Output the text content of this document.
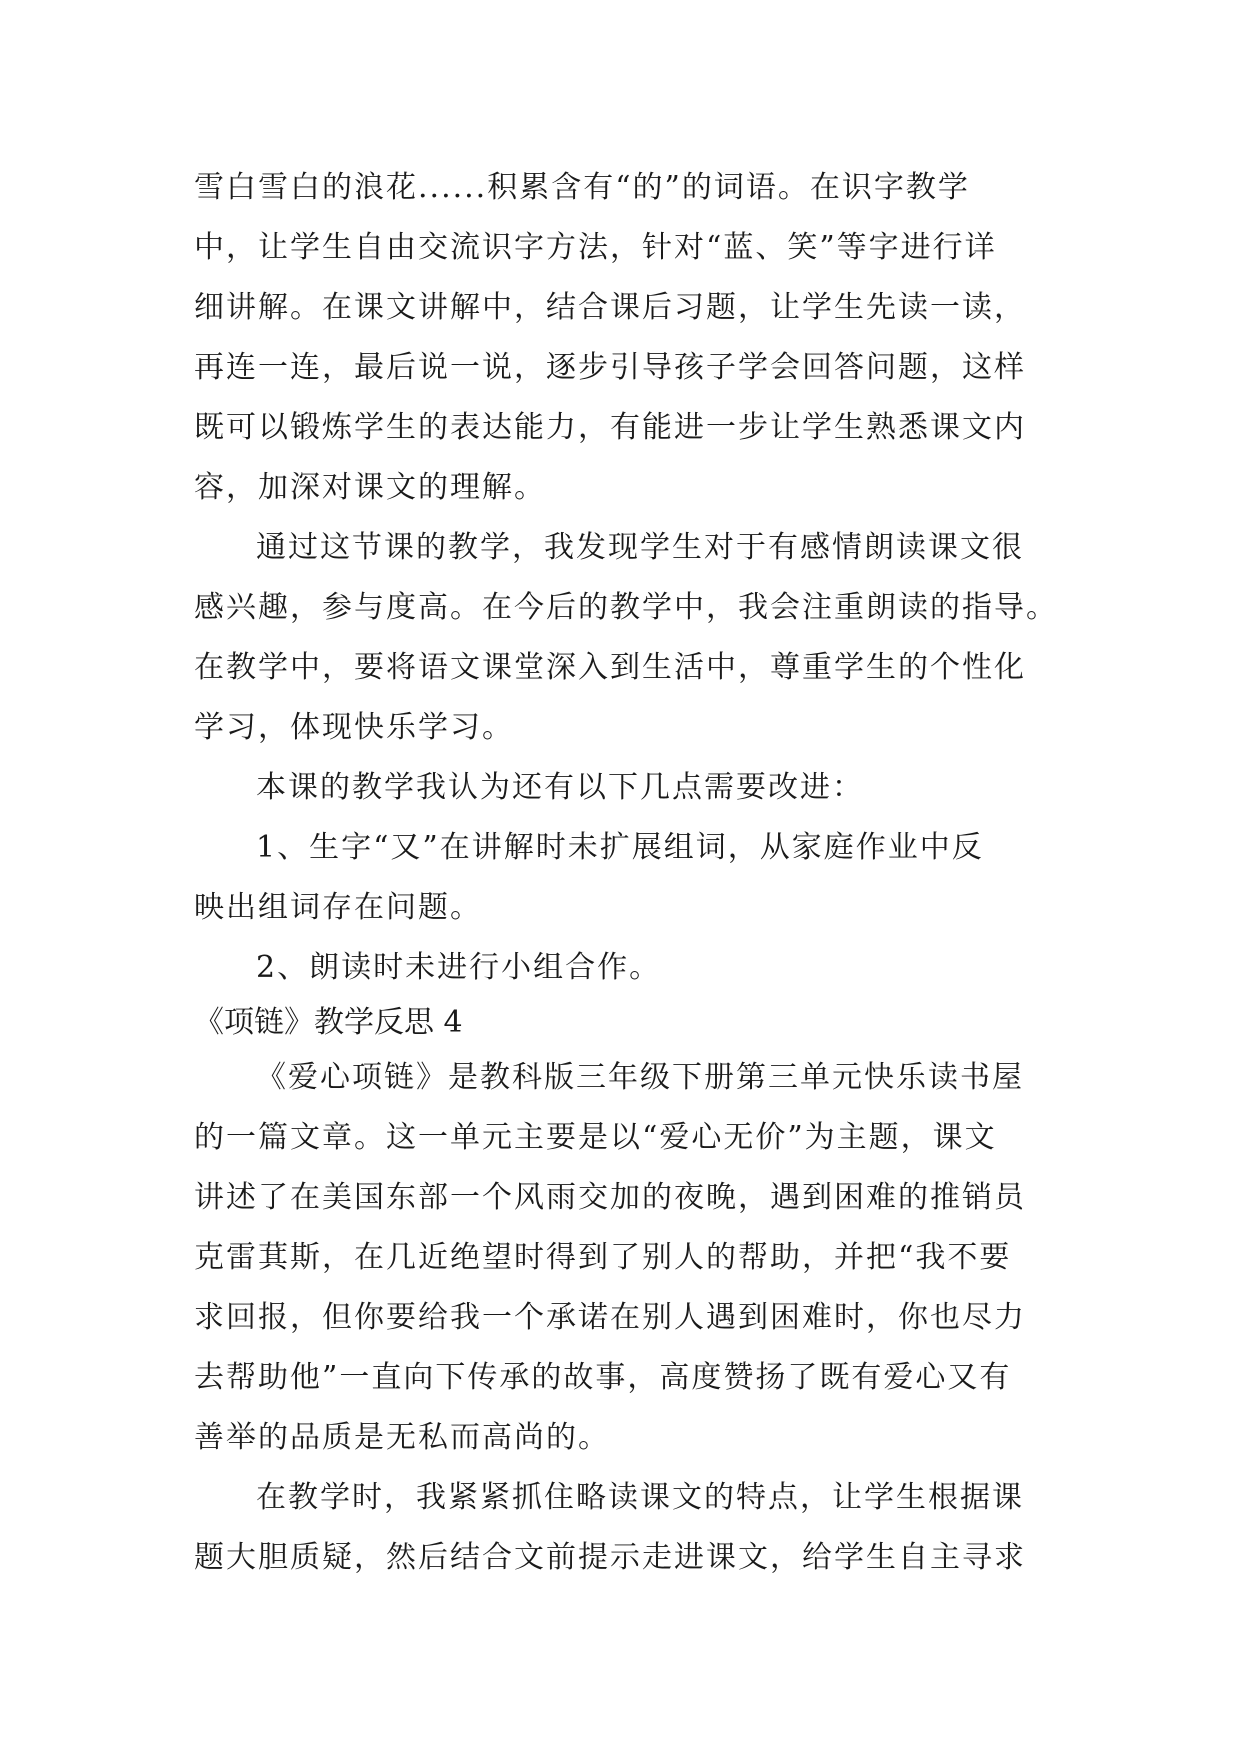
雪白雪白的浪花......积累含有“的”的词语。在识字教学
中，让学生自由交流识字方法，针对“蓝、笑”等字进行详
细讲解。在课文讲解中，结合课后习题，让学生先读一读，
再连一连，最后说一说，逐步引导孩子学会回答问题，这样
既可以锻炼学生的表达能力，有能进一步让学生熟悉课文内
容，加深对课文的理解。
通过这节课的教学，我发现学生对于有感情朗读课文很
感兴趣，参与度高。在今后的教学中，我会注重朗读的指导。
在教学中，要将语文课堂深入到生活中，尊重学生的个性化
学习，体现快乐学习。
本课的教学我认为还有以下几点需要改进：
1、生字“又”在讲解时未扩展组词，从家庭作业中反
映出组词存在问题。
2、朗读时未进行小组合作。
《项链》教学反思 4
《爱心项链》是教科版三年级下册第三单元快乐读书屋
的一篇文章。这一单元主要是以“爱心无价”为主题，课文
讲述了在美国东部一个风雨交加的夜晚，遇到困难的推销员
克雷萁斯，在几近绝望时得到了别人的帮助，并把“我不要
求回报，但你要给我一个承诺在别人遇到困难时，你也尽力
去帮助他”一直向下传承的故事，高度赞扬了既有爱心又有
善举的品质是无私而高尚的。
在教学时，我紧紧抓住略读课文的特点，让学生根据课
题大胆质疑，然后结合文前提示走进课文，给学生自主寻求
